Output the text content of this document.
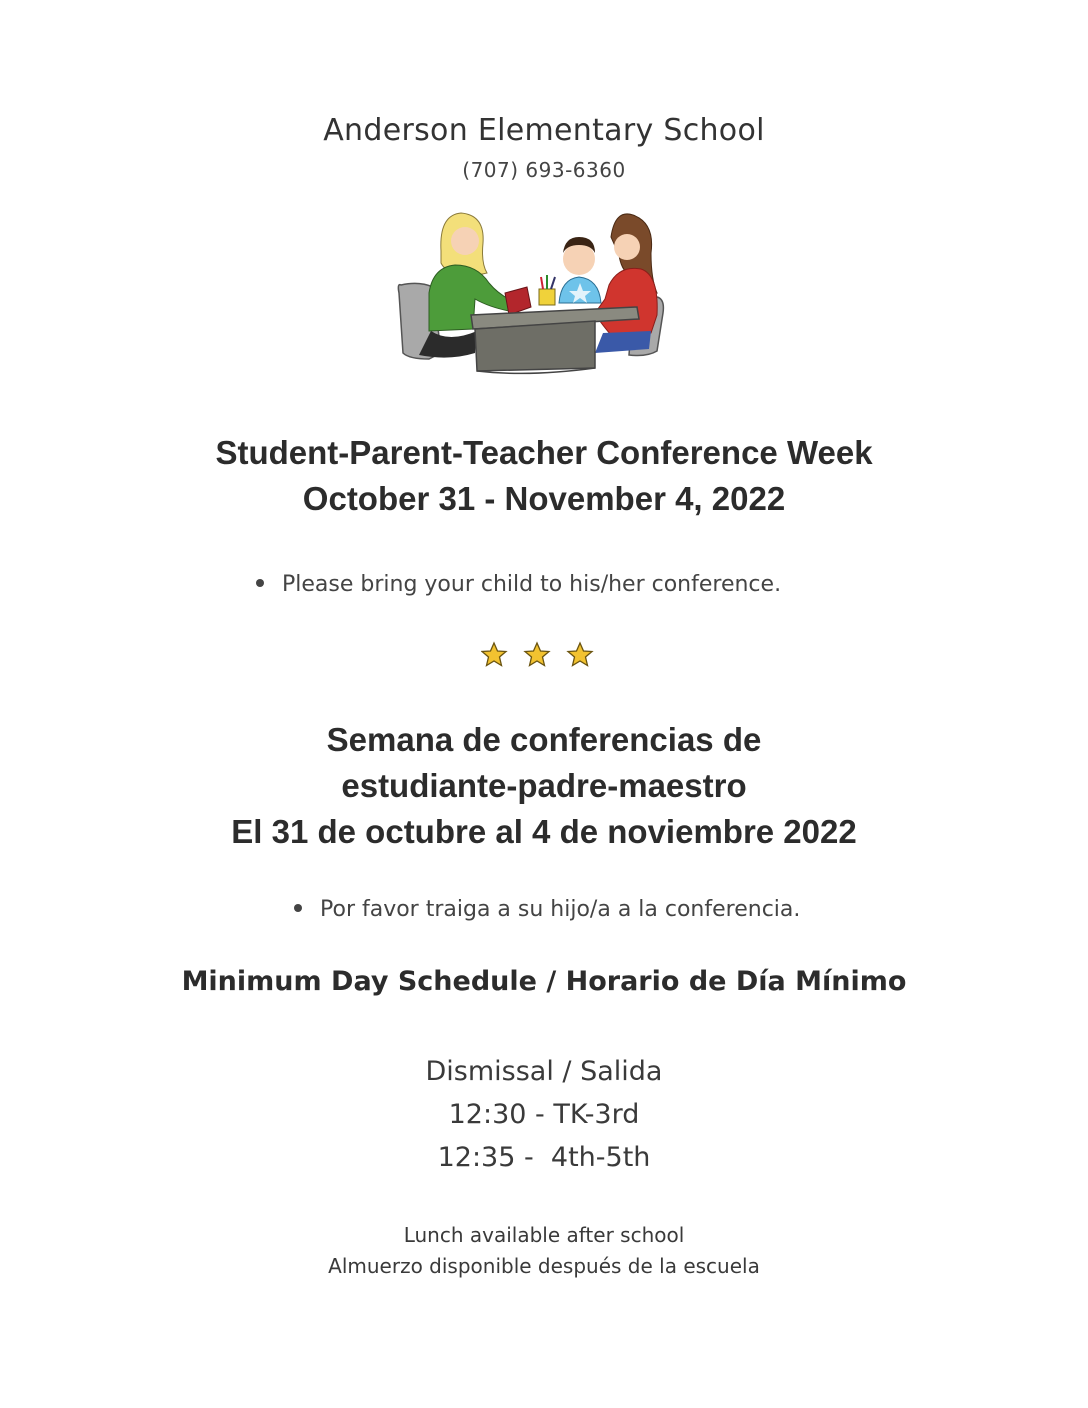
Anderson Elementary School
(707) 693-6360
Student-Parent-Teacher Conference Week
October 31 - November 4, 2022
Please bring your child to his/her conference.
Semana de conferencias de
estudiante-padre-maestro
El 31 de octubre al 4 de noviembre 2022
Por favor traiga a su hijo/a a la conferencia.
Minimum Day Schedule / Horario de Día Mínimo
Dismissal / Salida
12:30 - TK-3rd
12:35 -  4th-5th
Lunch available after school
Almuerzo disponible después de la escuela
